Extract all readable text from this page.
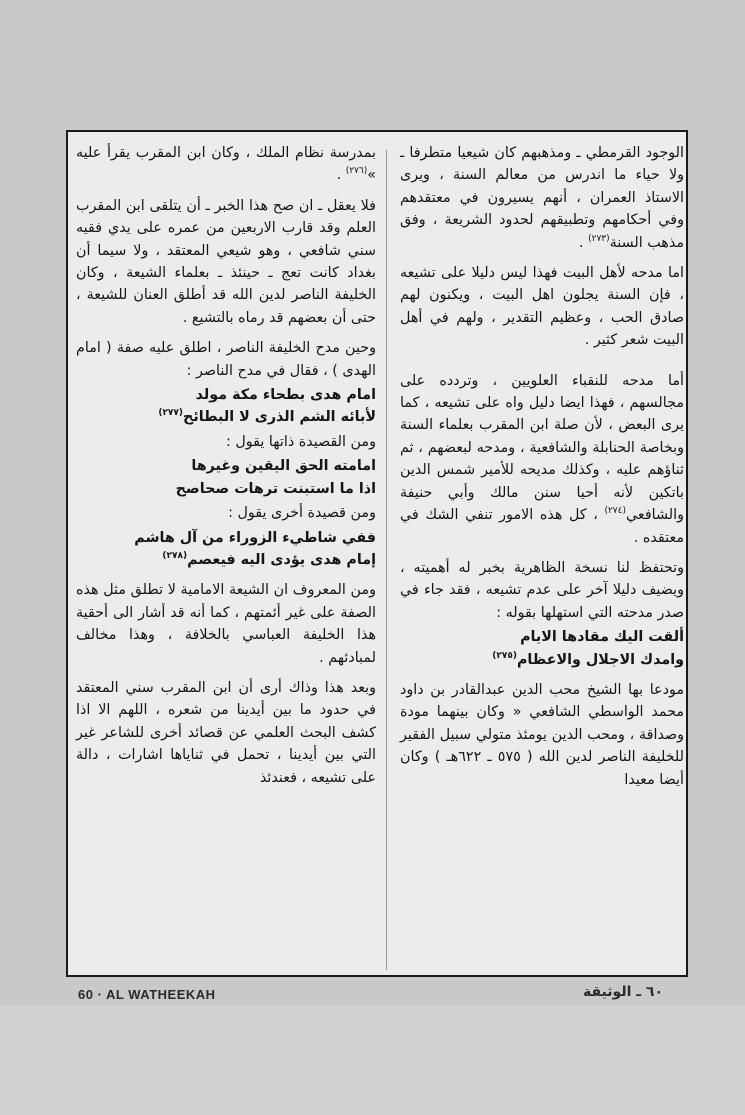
الوجود القرمطي ـ ومذهبهم كان شيعيا متطرفا ـ ولا حياء ما اندرس من معالم السنة ، ويرى الاستاذ العمران ، أنهم يسيرون في معتقدهم وفي أحكامهم وتطبيقهم لحدود الشريعة ، وفق مذهب السنة$^{(٢٧٣)}$ .

اما مدحه لأهل البيت فهذا ليس دليلا على تشيعه ، فإن السنة يجلون اهل البيت ، ويكنون لهم صادق الحب ، وعظيم التقدير ، ولهم في أهل البيت شعر كثير .

أما مدحه للنقباء العلويين ، وتردده على مجالسهم ، فهذا ايضا دليل واه على تشيعه ، كما يرى البعض ، لأن صلة ابن المقرب بعلماء السنة وبخاصة الحنابلة والشافعية ، ومدحه لبعضهم ، ثم ثناؤهم عليه ، وكذلك مديحه للأمير شمس الدين باتكين لأنه أحيا سنن مالك وأبي حنيفة والشافعي$^{(٢٧٤)}$ ، كل هذه الامور تنفي الشك في معتقده .

وتحتفظ لنا نسخة الظاهرية بخبر له أهميته ، ويضيف دليلا آخر على عدم تشيعه ، فقد جاء في صدر مدحته التي استهلها بقوله :

ألقت اليك مقادها الايام
وامدك الاجلال والاعظام$^{(٢٧٥)}$

مودعا بها الشيخ محب الدين عبدالقادر بن داود محمد الواسطي الشافعي « وكان بينهما مودة وصداقة ، ومحب الدين يومئذ متولي سبيل الفقير للخليفة الناصر لدين الله ( ٥٧٥ ـ ٦٢٢هـ ) وكان أيضا معيدا

بمدرسة نظام الملك ، وكان ابن المقرب يقرأ عليه »$^{(٢٧٦)}$ .

فلا يعقل ـ ان صح هذا الخبر ـ أن يتلقى ابن المقرب العلم وقد قارب الاربعين من عمره على يدي فقيه سني شافعي ، وهو شيعي المعتقد ، ولا سيما أن بغداد كانت تعج ـ حينئذ ـ بعلماء الشيعة ، وكان الخليفة الناصر لدين الله قد أطلق العنان للشيعة ، حتى أن بعضهم قد رماه بالتشيع .

وحين مدح الخليفة الناصر ، اطلق عليه صفة ( امام الهدى ) ، فقال في مدح الناصر :

امام هدى بطحاء مكة مولد
لأبائه الشم الذرى لا البطائح$^{(٢٧٧)}$

ومن القصيدة ذاتها يقول :

امامته الحق اليقين وغيرها
اذا ما استبنت ترهات صحاصح

ومن قصيدة أخرى يقول :

ففي شاطيء الزوراء من آل هاشم
إمام هدى يؤدى اليه فيعصم$^{(٢٧٨)}$

ومن المعروف ان الشيعة الامامية لا تطلق مثل هذه الصفة على غير أئمتهم ، كما أنه قد أشار الى أحقية هذا الخليفة العباسي بالخلافة ، وهذا مخالف لمبادئهم .

وبعد هذا وذاك أرى أن ابن المقرب سني المعتقد في حدود ما بين أيدينا من شعره ، اللهم الا اذا كشف البحث العلمي عن قصائد أخرى للشاعر غير التي بين أيدينا ، تحمل في ثناياها اشارات ، دالة على تشيعه ، فعندئذ

60 · AL WATHEEKAH	٦٠ ـ الوثيقة
